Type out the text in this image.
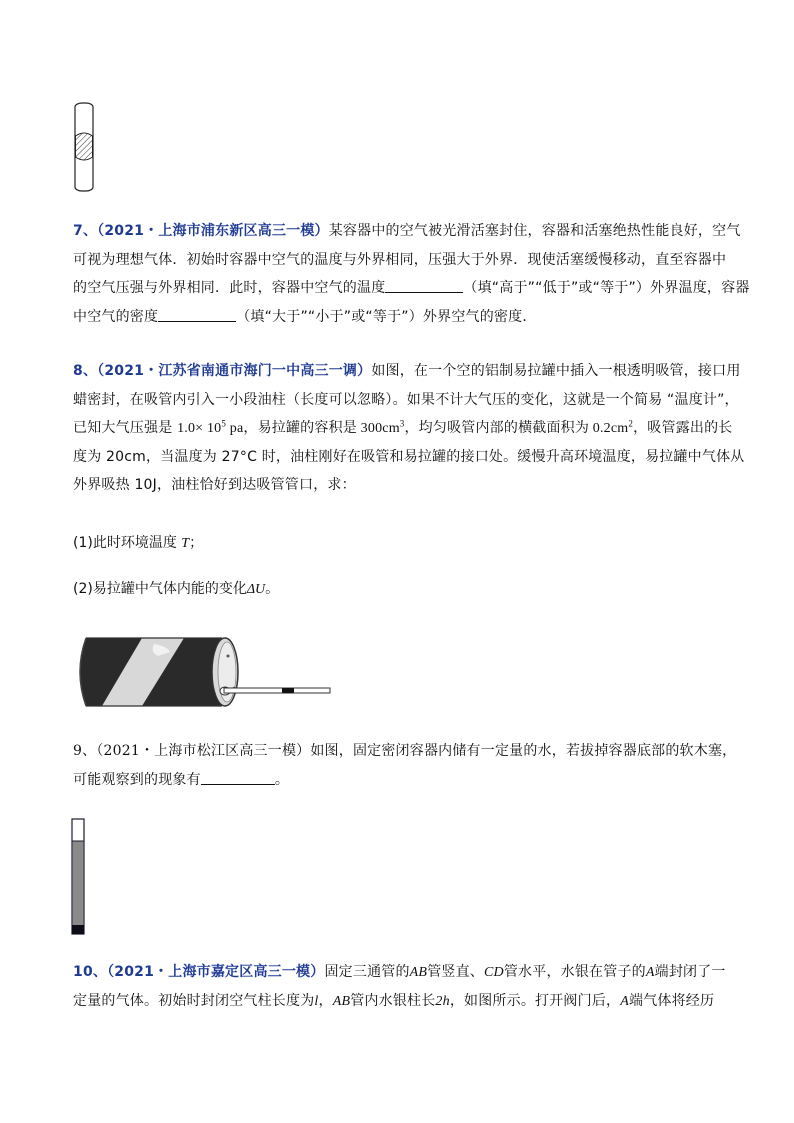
7、（2021・上海市浦东新区高三一模）某容器中的空气被光滑活塞封住，容器和活塞绝热性能良好，空气
可视为理想气体．初始时容器中空气的温度与外界相同，压强大于外界．现使活塞缓慢移动，直至容器中
的空气压强与外界相同．此时，容器中空气的温度	（填“高于”“低于”或“等于”）外界温度，容器
中空气的密度	（填“大于”“小于”或“等于”）外界空气的密度．
8、（2021・江苏省南通市海门一中高三一调）如图，在一个空的铝制易拉罐中插入一根透明吸管，接口用
蜡密封，在吸管内引入一小段油柱（长度可以忽略）。如果不计大气压的变化，这就是一个简易 “温度计”，
已知大气压强是 $1.0\times 10^5$ pa，易拉罐的容积是 $300cm^3$，均匀吸管内部的横截面积为 $0.2cm^2$，吸管露出的长
度为 20cm，当温度为 27°C 时，油柱刚好在吸管和易拉罐的接口处。缓慢升高环境温度，易拉罐中气体从
外界吸热 10J，油柱恰好到达吸管管口，求：
(1)此时环境温度 T；
(2)易拉罐中气体内能的变化ΔU。
9、（2021・上海市松江区高三一模）如图，固定密闭容器内储有一定量的水，若拔掉容器底部的软木塞，
可能观察到的现象有	。
10、（2021・上海市嘉定区高三一模）固定三通管的AB管竖直、CD管水平，水银在管子的A端封闭了一
定量的气体。初始时封闭空气柱长度为l，AB管内水银柱长2h，如图所示。打开阀门后，A端气体将经历
